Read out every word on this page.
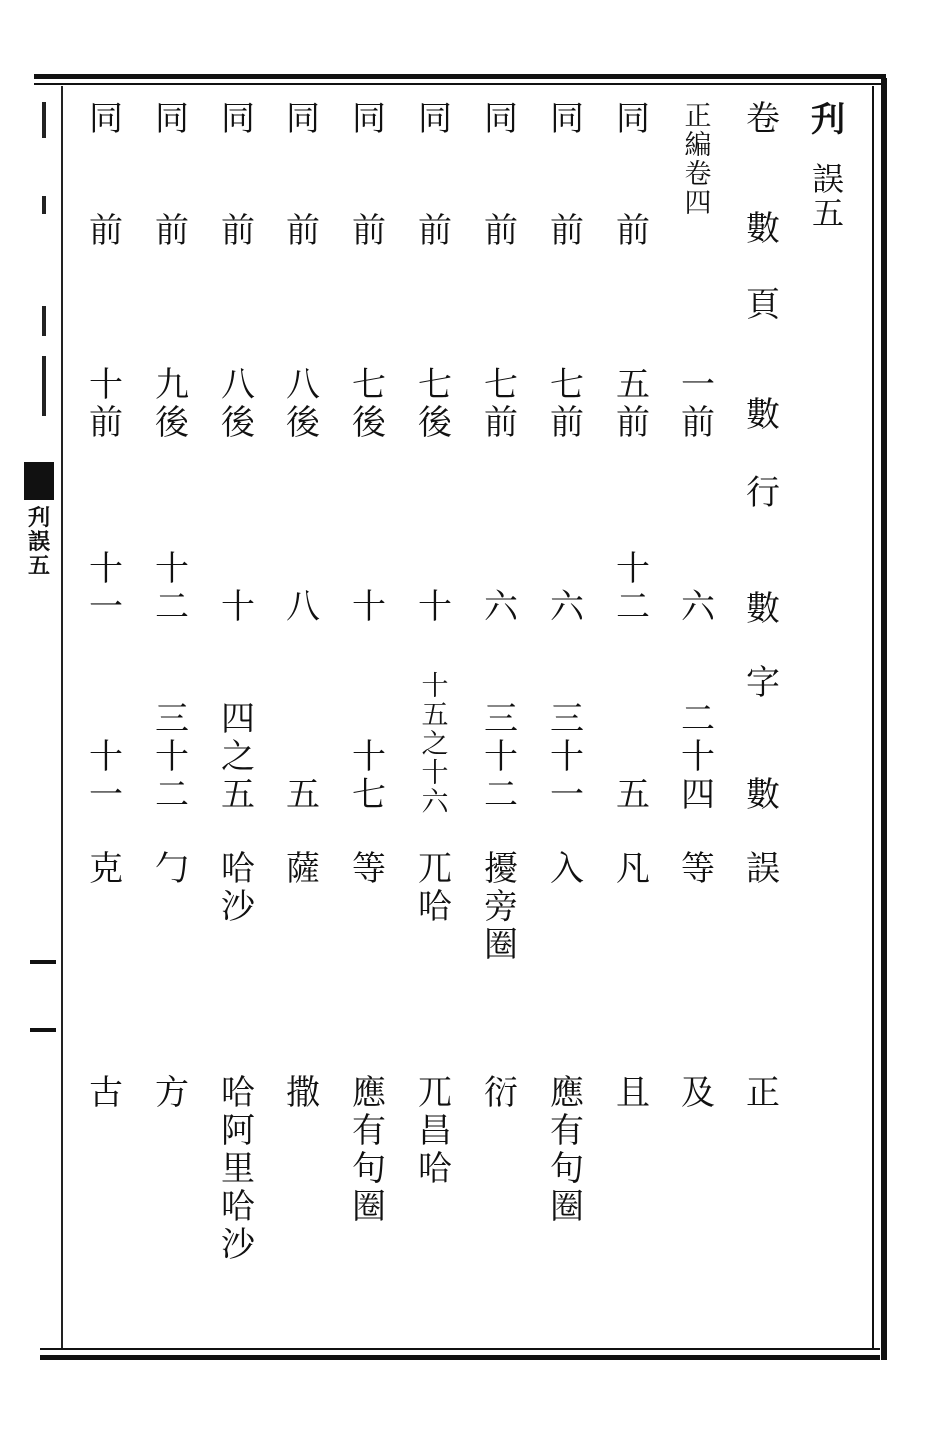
刋
誤
五
刋
誤
五
卷
數
頁
數
行
數
字
數
誤
正
正
編
卷
四
一
前
六
二
十
四
等
及
同
前
五
前
十
二
五
凡
且
同
前
七
前
六
三
十
一
入
應
有
句
圈
同
前
七
前
六
三
十
二
擾
旁
圈
衍
同
前
七
後
十
十
五
之
十
六
兀
哈
兀
昌
哈
同
前
七
後
十
十
七
等
應
有
句
圈
同
前
八
後
八
五
薩
撒
同
前
八
後
十
四
之
五
哈
沙
哈
阿
里
哈
沙
同
前
九
後
十
二
三
十
二
勹
方
同
前
十
前
十
一
十
一
克
古
